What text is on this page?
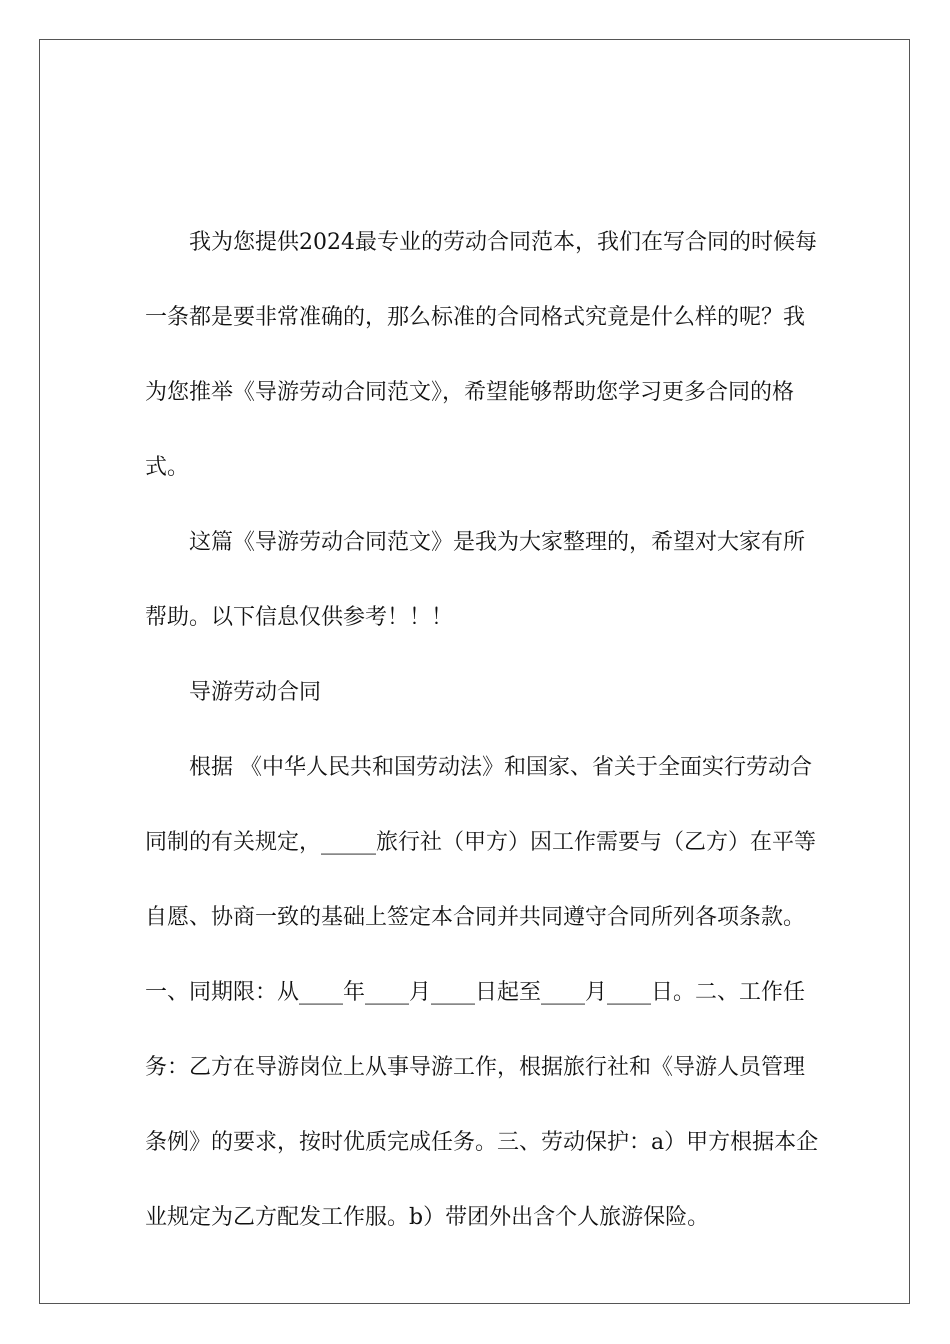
我为您提供2024最专业的劳动合同范本，我们在写合同的时候每一条都是要非常准确的，那么标准的合同格式究竟是什么样的呢？我为您推举《导游劳动合同范文》，希望能够帮助您学习更多合同的格式。

这篇《导游劳动合同范文》是我为大家整理的，希望对大家有所帮助。以下信息仅供参考！！！

导游劳动合同

根据 《中华人民共和国劳动法》和国家、省关于全面实行劳动合同制的有关规定，_____旅行社（甲方）因工作需要与（乙方）在平等自愿、协商一致的基础上签定本合同并共同遵守合同所列各项条款。一、同期限：从____年____月____日起至____月____日。二、工作任务：乙方在导游岗位上从事导游工作，根据旅行社和《导游人员管理条例》的要求，按时优质完成任务。三、劳动保护：a）甲方根据本企业规定为乙方配发工作服。b）带团外出含个人旅游保险。
